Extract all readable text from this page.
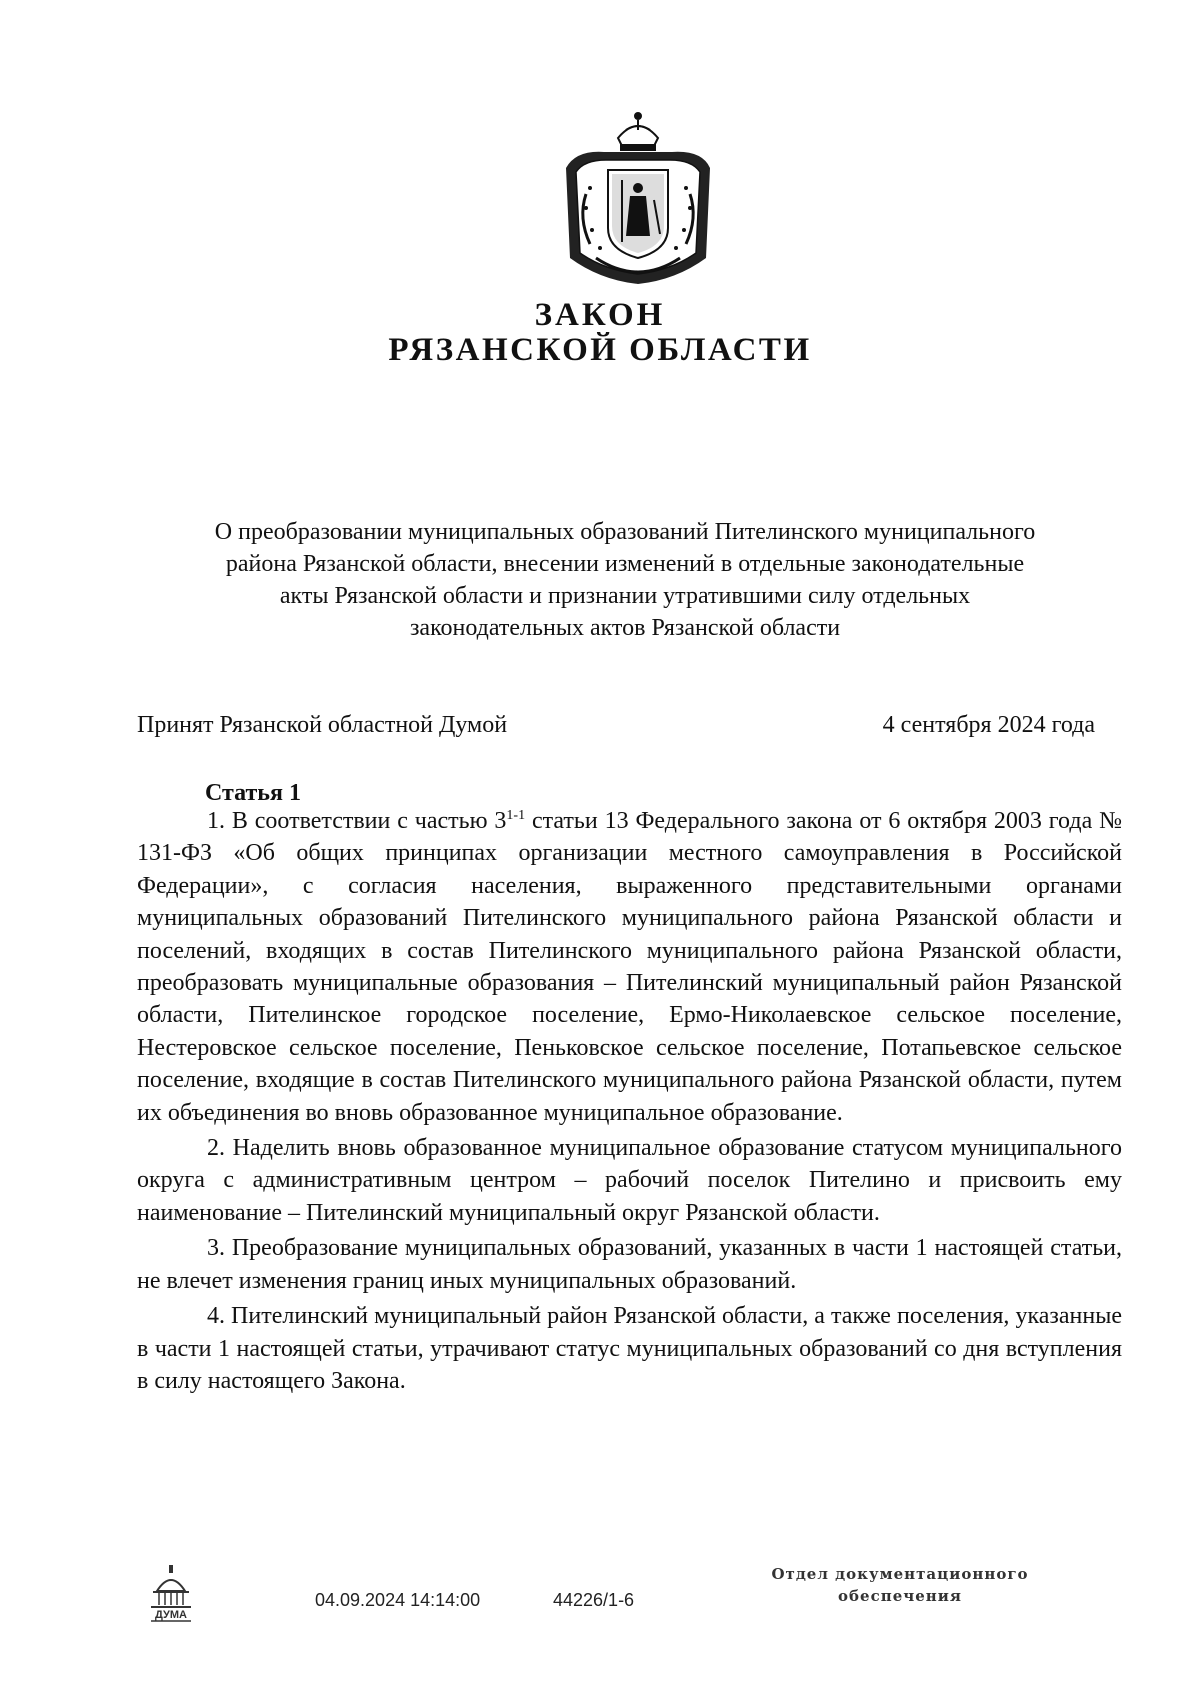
ЗАКОН
РЯЗАНСКОЙ ОБЛАСТИ
О преобразовании муниципальных образований Пителинского муниципального
района Рязанской области, внесении изменений в отдельные законодательные
акты Рязанской области и признании утратившими силу отдельных
законодательных актов Рязанской области
Принят Рязанской областной Думой	4 сентября 2024 года
Статья 1

1. В соответствии с частью 3$^{1-1}$ статьи 13 Федерального закона от 6 октября 2003 года № 131-ФЗ «Об общих принципах организации местного самоуправления в Российской Федерации», с согласия населения, выраженного представительными органами муниципальных образований Пителинского муниципального района Рязанской области и поселений, входящих в состав Пителинского муниципального района Рязанской области, преобразовать муниципальные образования – Пителинский муниципальный район Рязанской области, Пителинское городское поселение, Ермо-Николаевское сельское поселение, Нестеровское сельское поселение, Пеньковское сельское поселение, Потапьевское сельское поселение, входящие в состав Пителинского муниципального района Рязанской области, путем их объединения во вновь образованное муниципальное образование.

2. Наделить вновь образованное муниципальное образование статусом муниципального округа с административным центром – рабочий поселок Пителино и присвоить ему наименование – Пителинский муниципальный округ Рязанской области.

3. Преобразование муниципальных образований, указанных в части 1 настоящей статьи, не влечет изменения границ иных муниципальных образований.

4. Пителинский муниципальный район Рязанской области, а также поселения, указанные в части 1 настоящей статьи, утрачивают статус муниципальных образований со дня вступления в силу настоящего Закона.

ДУМА
04.09.2024 14:14:00	44226/1-6
Отдел документационного
обеспечения
